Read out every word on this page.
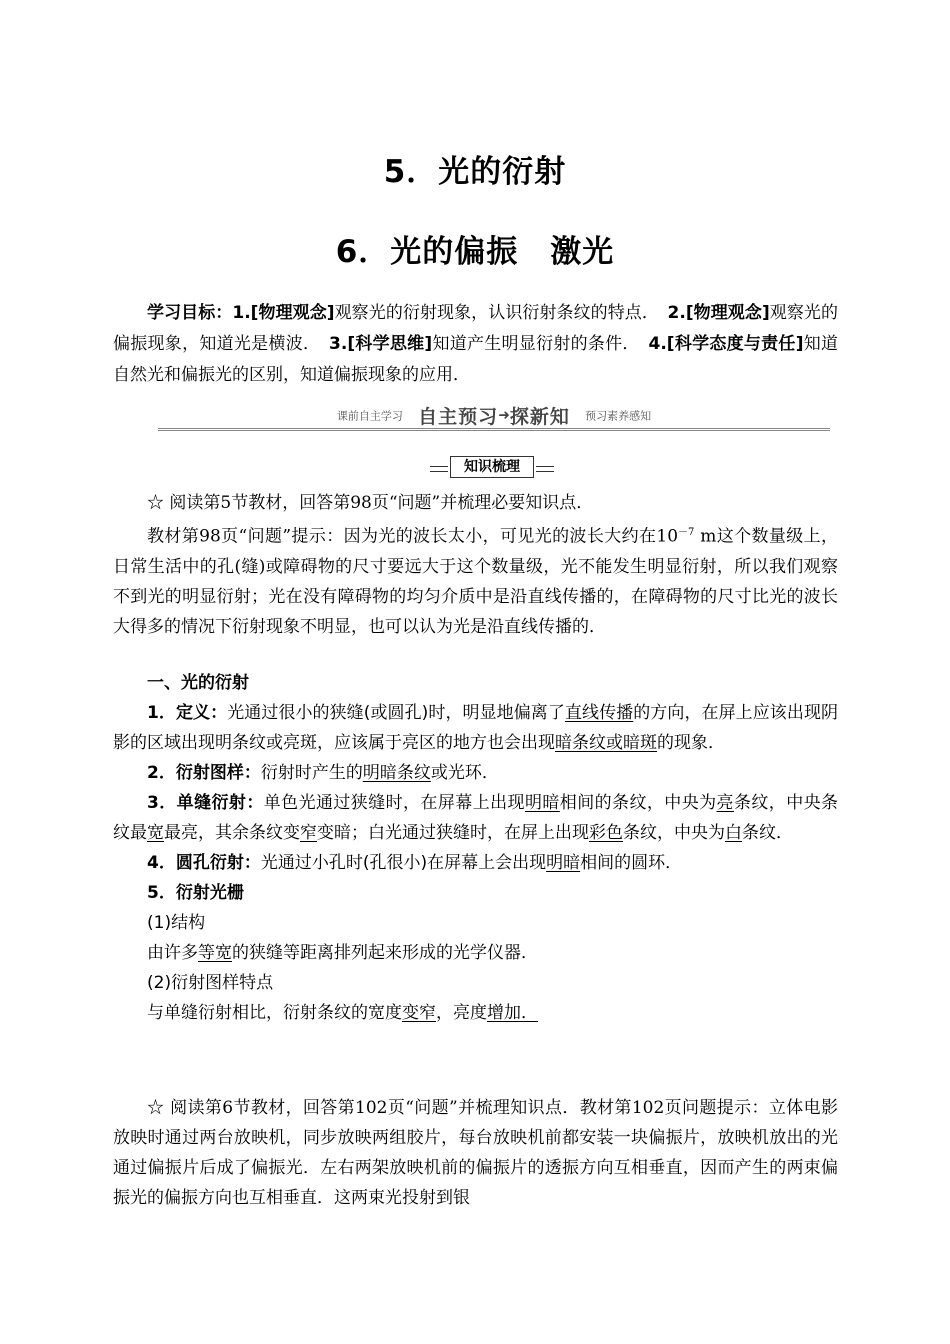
5．光的衍射
6．光的偏振　激光

学习目标：1.[物理观念]观察光的衍射现象，认识衍射条纹的特点．　2.[物理观念]观察光的偏振现象，知道光是横波．　3.[科学思维]知道产生明显衍射的条件．　4.[科学态度与责任]知道自然光和偏振光的区别，知道偏振现象的应用．

课前自主学习 自主预习➜探新知 预习素养感知
知识梳理

☆ 阅读第5节教材，回答第98页“问题”并梳理必要知识点．

教材第98页“问题”提示：因为光的波长太小，可见光的波长大约在$10^{-7}$ m这个数量级上，日常生活中的孔(缝)或障碍物的尺寸要远大于这个数量级，光不能发生明显衍射，所以我们观察不到光的明显衍射；光在没有障碍物的均匀介质中是沿直线传播的，在障碍物的尺寸比光的波长大得多的情况下衍射现象不明显，也可以认为光是沿直线传播的．

一、光的衍射

1．定义：光通过很小的狭缝(或圆孔)时，明显地偏离了直线传播的方向，在屏上应该出现阴影的区域出现明条纹或亮斑，应该属于亮区的地方也会出现暗条纹或暗斑的现象．

2．衍射图样：衍射时产生的明暗条纹或光环．

3．单缝衍射：单色光通过狭缝时，在屏幕上出现明暗相间的条纹，中央为亮条纹，中央条纹最宽最亮，其余条纹变窄变暗；白光通过狭缝时，在屏上出现彩色条纹，中央为白条纹．

4．圆孔衍射：光通过小孔时(孔很小)在屏幕上会出现明暗相间的圆环．

5．衍射光栅

(1)结构

由许多等宽的狭缝等距离排列起来形成的光学仪器．

(2)衍射图样特点

与单缝衍射相比，衍射条纹的宽度变窄，亮度增加．

☆ 阅读第6节教材，回答第102页“问题”并梳理知识点．教材第102页问题提示：立体电影放映时通过两台放映机，同步放映两组胶片，每台放映机前都安装一块偏振片，放映机放出的光通过偏振片后成了偏振光．左右两架放映机前的偏振片的透振方向互相垂直，因而产生的两束偏振光的偏振方向也互相垂直．这两束光投射到银
